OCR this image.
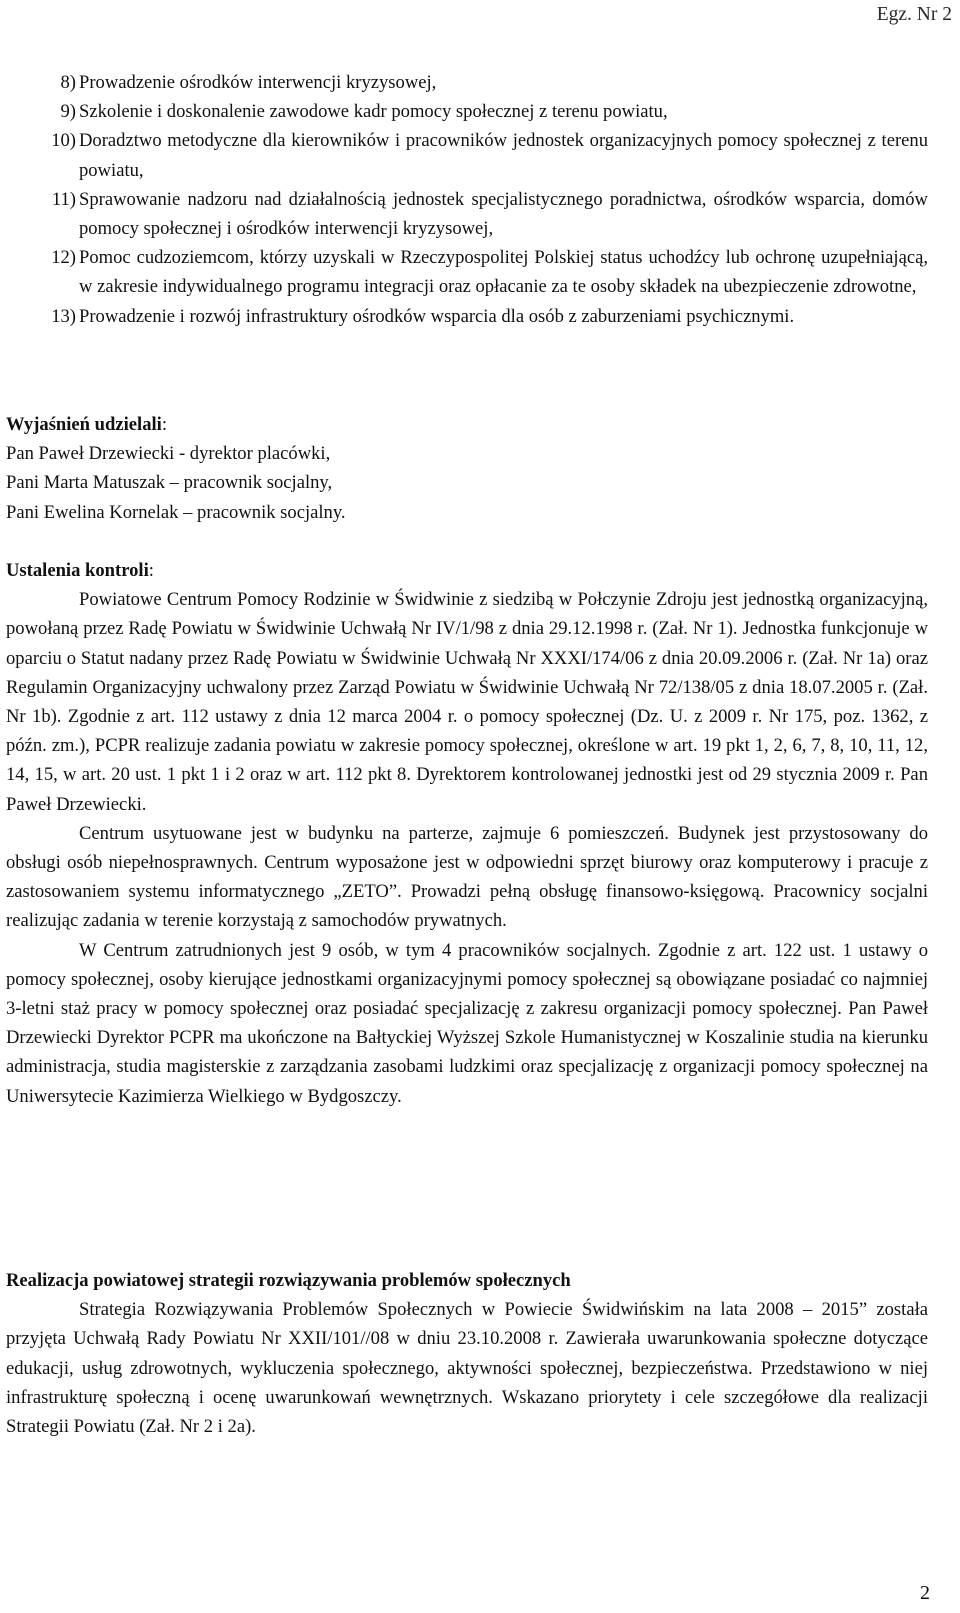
Egz. Nr 2
8) Prowadzenie ośrodków interwencji kryzysowej,
9) Szkolenie i doskonalenie zawodowe kadr pomocy społecznej z terenu powiatu,
10) Doradztwo metodyczne dla kierowników i pracowników jednostek organizacyjnych pomocy społecznej z terenu powiatu,
11) Sprawowanie nadzoru nad działalnością jednostek specjalistycznego poradnictwa, ośrodków wsparcia, domów pomocy społecznej i ośrodków interwencji kryzysowej,
12) Pomoc cudzoziemcom, którzy uzyskali w Rzeczypospolitej Polskiej status uchodźcy lub ochronę uzupełniającą, w zakresie indywidualnego programu integracji oraz opłacanie za te osoby składek na ubezpieczenie zdrowotne,
13) Prowadzenie i rozwój infrastruktury ośrodków wsparcia dla osób z zaburzeniami psychicznymi.
Wyjaśnień udzielali:
Pan Paweł Drzewiecki - dyrektor placówki,
Pani Marta Matuszak – pracownik socjalny,
Pani Ewelina Kornelak – pracownik socjalny.
Ustalenia kontroli:

Powiatowe Centrum Pomocy Rodzinie w Świdwinie z siedzibą w Połczynie Zdroju jest jednostką organizacyjną, powołaną przez Radę Powiatu w Świdwinie Uchwałą Nr IV/1/98 z dnia 29.12.1998 r. (Zał. Nr 1). Jednostka funkcjonuje w oparciu o Statut nadany przez Radę Powiatu w Świdwinie Uchwałą Nr XXXI/174/06 z dnia 20.09.2006 r. (Zał. Nr 1a) oraz Regulamin Organizacyjny uchwalony przez Zarząd Powiatu w Świdwinie Uchwałą Nr 72/138/05 z dnia 18.07.2005 r. (Zał. Nr 1b). Zgodnie z art. 112 ustawy z dnia 12 marca 2004 r. o pomocy społecznej (Dz. U. z 2009 r. Nr 175, poz. 1362, z późn. zm.), PCPR realizuje zadania powiatu w zakresie pomocy społecznej, określone w art. 19 pkt 1, 2, 6, 7, 8, 10, 11, 12, 14, 15, w art. 20 ust. 1 pkt 1 i 2 oraz w art. 112 pkt 8. Dyrektorem kontrolowanej jednostki jest od 29 stycznia 2009 r. Pan Paweł Drzewiecki.

Centrum usytuowane jest w budynku na parterze, zajmuje 6 pomieszczeń. Budynek jest przystosowany do obsługi osób niepełnosprawnych. Centrum wyposażone jest w odpowiedni sprzęt biurowy oraz komputerowy i pracuje z zastosowaniem systemu informatycznego „ZETO”. Prowadzi pełną obsługę finansowo-księgową. Pracownicy socjalni realizując zadania w terenie korzystają z samochodów prywatnych.

W Centrum zatrudnionych jest 9 osób, w tym 4 pracowników socjalnych. Zgodnie z art. 122 ust. 1 ustawy o pomocy społecznej, osoby kierujące jednostkami organizacyjnymi pomocy społecznej są obowiązane posiadać co najmniej 3-letni staż pracy w pomocy społecznej oraz posiadać specjalizację z zakresu organizacji pomocy społecznej. Pan Paweł Drzewiecki Dyrektor PCPR ma ukończone na Bałtyckiej Wyższej Szkole Humanistycznej w Koszalinie studia na kierunku administracja, studia magisterskie z zarządzania zasobami ludzkimi oraz specjalizację z organizacji pomocy społecznej na Uniwersytecie Kazimierza Wielkiego w Bydgoszczy.

Realizacja powiatowej strategii rozwiązywania problemów społecznych

Strategia Rozwiązywania Problemów Społecznych w Powiecie Świdwińskim na lata 2008 – 2015” została przyjęta Uchwałą Rady Powiatu Nr XXII/101//08 w dniu 23.10.2008 r. Zawierała uwarunkowania społeczne dotyczące edukacji, usług zdrowotnych, wykluczenia społecznego, aktywności społecznej, bezpieczeństwa. Przedstawiono w niej infrastrukturę społeczną i ocenę uwarunkowań wewnętrznych. Wskazano priorytety i cele szczegółowe dla realizacji Strategii Powiatu (Zał. Nr 2 i 2a).

2
